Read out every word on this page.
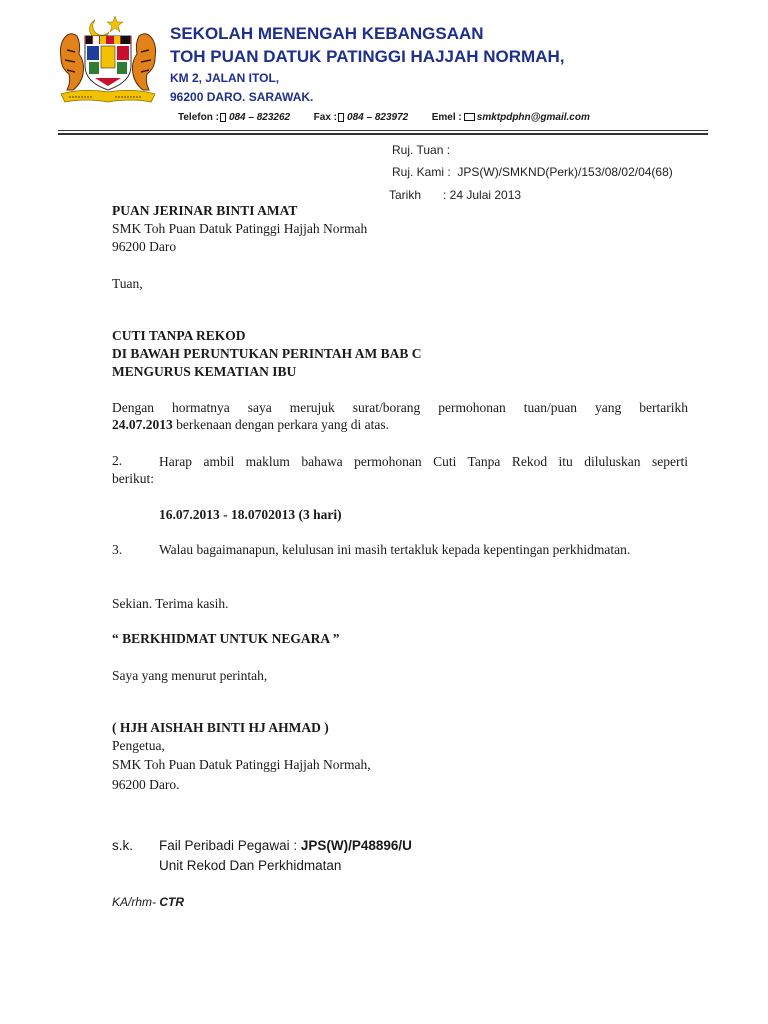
SEKOLAH MENENGAH KEBANGSAAN
TOH PUAN DATUK PATINGGI HAJJAH NORMAH,
KM 2, JALAN ITOL,
96200 DARO. SARAWAK.
Telefon : 084 – 823262 Fax : 084 – 823972 Emel : smktpdphn@gmail.com
Ruj. Tuan :
Ruj. Kami : JPS(W)/SMKND(Perk)/153/08/02/04(68)
Tarikh : 24 Julai 2013
PUAN JERINAR BINTI AMAT
SMK Toh Puan Datuk Patinggi Hajjah Normah
96200 Daro
Tuan,
CUTI TANPA REKOD
DI BAWAH PERUNTUKAN PERINTAH AM BAB C
MENGURUS KEMATIAN IBU
Dengan hormatnya saya merujuk surat/borang permohonan tuan/puan yang bertarikh
24.07.2013 berkenaan dengan perkara yang di atas.
2.	Harap ambil maklum bahawa permohonan Cuti Tanpa Rekod itu diluluskan seperti
berikut:
16.07.2013 - 18.0702013 (3 hari)
3.	Walau bagaimanapun, kelulusan ini masih tertakluk kepada kepentingan perkhidmatan.
Sekian. Terima kasih.
“ BERKHIDMAT UNTUK NEGARA ”
Saya yang menurut perintah,
( HJH AISHAH BINTI HJ AHMAD )
Pengetua,
SMK Toh Puan Datuk Patinggi Hajjah Normah,
96200 Daro.
s.k. Fail Peribadi Pegawai : JPS(W)/P48896/U
Unit Rekod Dan Perkhidmatan
KA/rhm- CTR
